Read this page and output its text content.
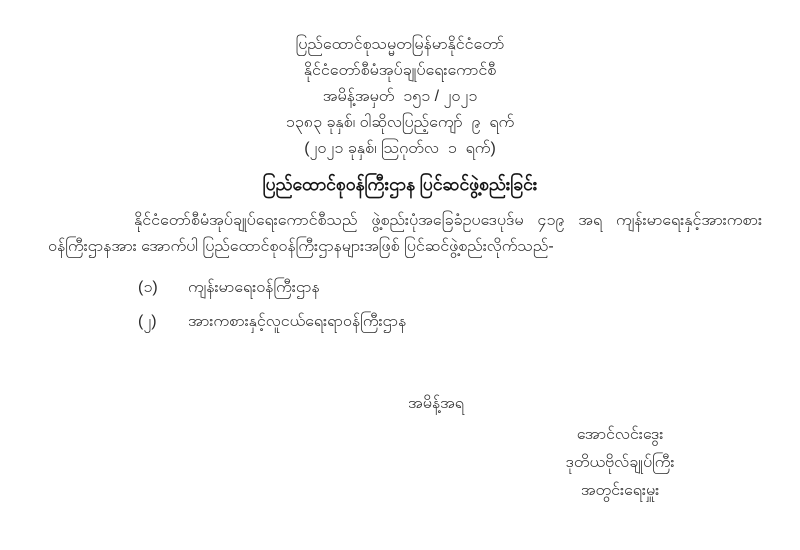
ပြည်ထောင်စုသမ္မတမြန်မာနိုင်ငံတော်
နိုင်ငံတော်စီမံအုပ်ချုပ်ရေးကောင်စီ
အမိန့်အမှတ်  ၁၅၁ / ၂၀၂၁
၁၃၈၃ ခုနှစ်၊ ဝါဆိုလပြည့်ကျော်  ၉  ရက်
(၂၀၂၁ ခုနှစ်၊ ဩဂုတ်လ  ၁  ရက်)
ပြည်ထောင်စုဝန်ကြီးဌာန ပြင်ဆင်ဖွဲ့စည်းခြင်း

နိုင်ငံတော်စီမံအုပ်ချုပ်ရေးကောင်စီသည် ဖွဲ့စည်းပုံအခြေခံဥပဒေပုဒ်မ ၄၁၉ အရ ကျန်းမာရေးနှင့်အားကစားဝန်ကြီးဌာနအား အောက်ပါ ပြည်ထောင်စုဝန်ကြီးဌာနများအဖြစ် ပြင်ဆင်ဖွဲ့စည်းလိုက်သည်-

(၁)	ကျန်းမာရေးဝန်ကြီးဌာန
(၂)	အားကစားနှင့်လူငယ်ရေးရာဝန်ကြီးဌာန
အမိန့်အရ
အောင်လင်းဒွေး
ဒုတိယဗိုလ်ချုပ်ကြီး
အတွင်းရေးမှူး
